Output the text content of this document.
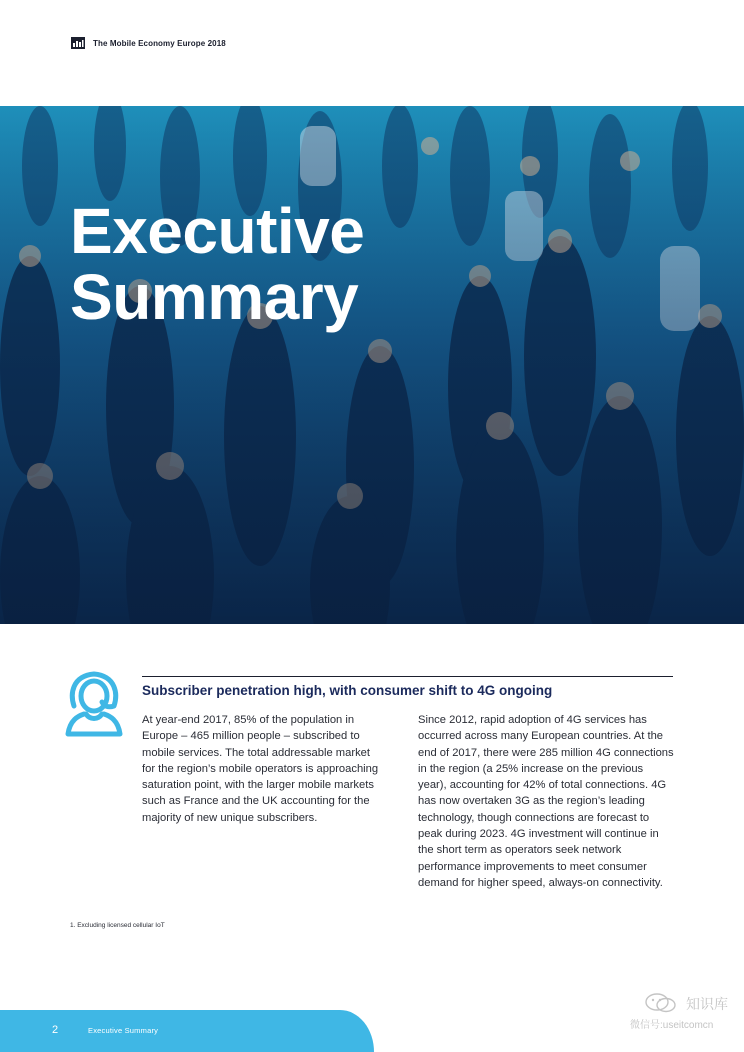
The Mobile Economy Europe 2018
Executive
Summary
Subscriber penetration high, with consumer shift to 4G ongoing

At year-end 2017, 85% of the population in Europe – 465 million people – subscribed to mobile services. The total addressable market for the region’s mobile operators is approaching saturation point, with the larger mobile markets such as France and the UK accounting for the majority of new unique subscribers.

Since 2012, rapid adoption of 4G services has occurred across many European countries. At the end of 2017, there were 285 million 4G connections in the region (a 25% increase on the previous year), accounting for 42% of total connections. 4G has now overtaken 3G as the region’s leading technology, though connections are forecast to peak during 2023. 4G investment will continue in the short term as operators seek network performance improvements to meet consumer demand for higher speed, always-on connectivity.

1. Excluding licensed cellular IoT
2	Executive Summary
知识库
微信号:useitcomcn
